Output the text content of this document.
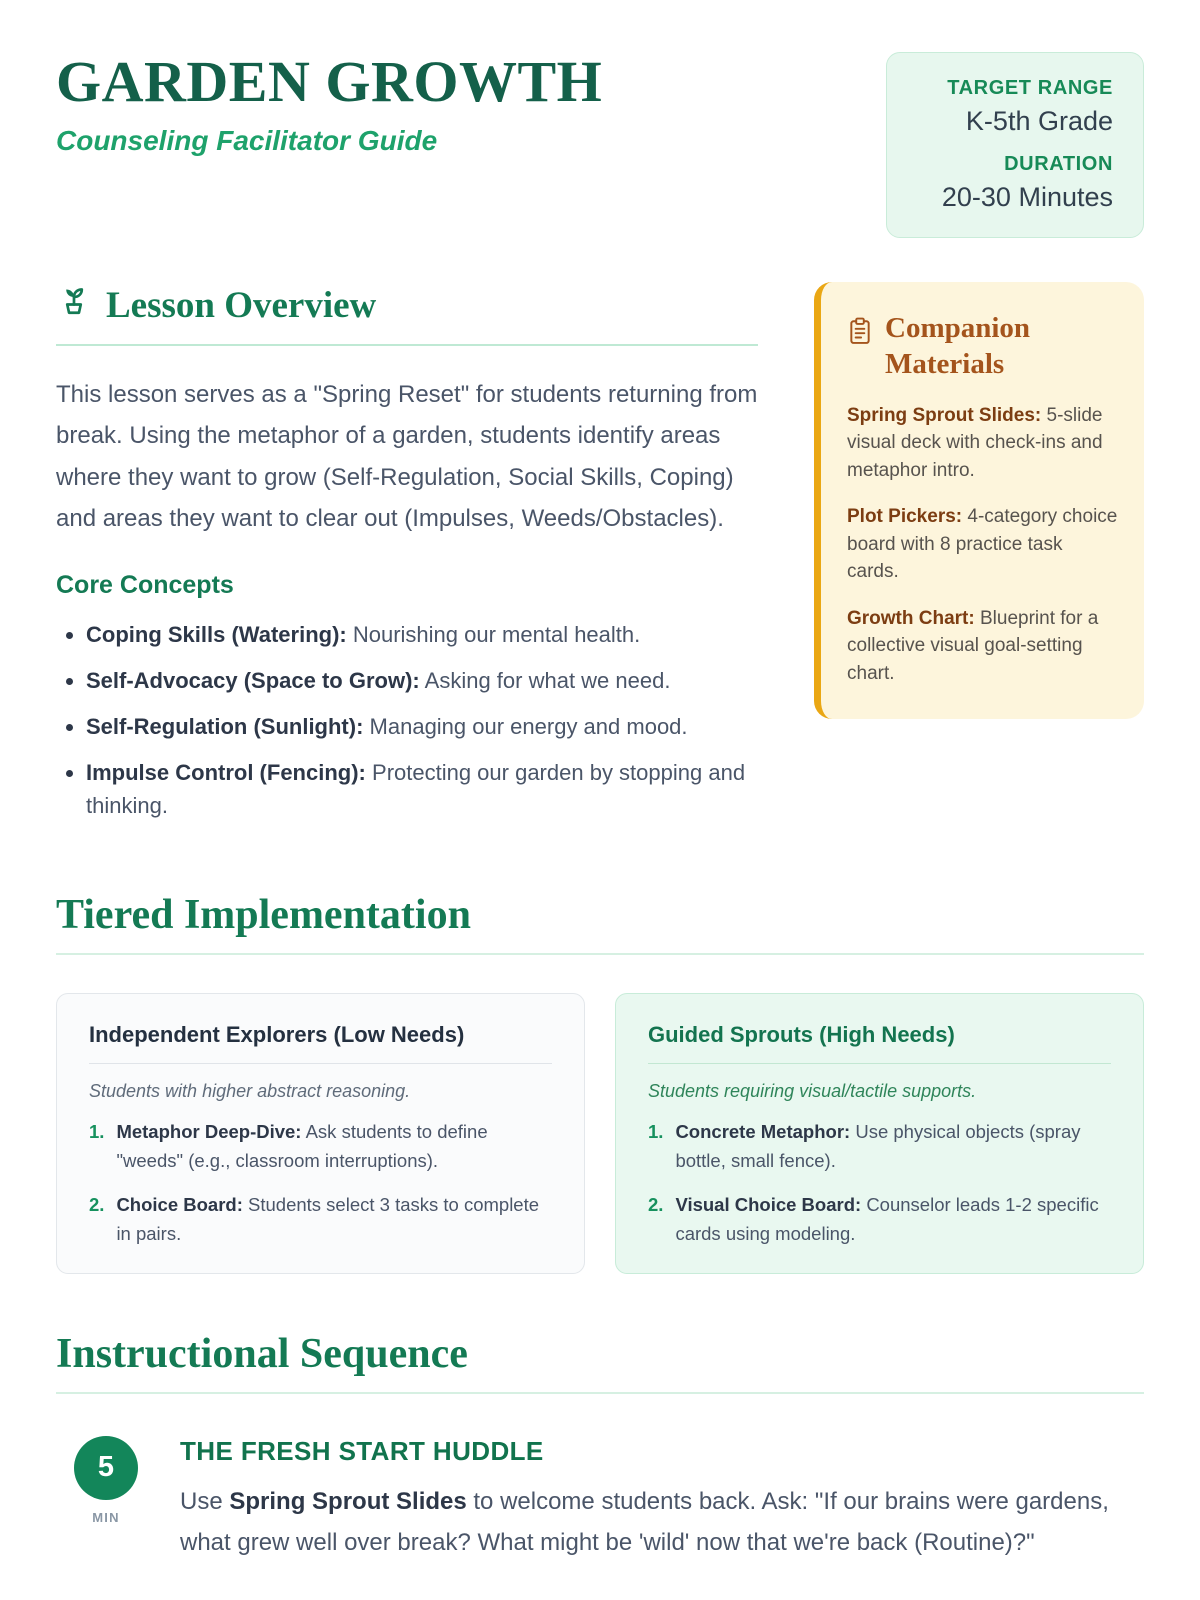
GARDEN GROWTH
Counseling Facilitator Guide
TARGET RANGE
K-5th Grade
DURATION
20-30 Minutes
Lesson Overview

This lesson serves as a "Spring Reset" for students returning from break. Using the metaphor of a garden, students identify areas where they want to grow (Self-Regulation, Social Skills, Coping) and areas they want to clear out (Impulses, Weeds/Obstacles).

Core Concepts
• Coping Skills (Watering): Nourishing our mental health.
• Self-Advocacy (Space to Grow): Asking for what we need.
• Self-Regulation (Sunlight): Managing our energy and mood.
• Impulse Control (Fencing): Protecting our garden by stopping and thinking.
Companion Materials

Spring Sprout Slides: 5-slide visual deck with check-ins and metaphor intro.

Plot Pickers: 4-category choice board with 8 practice task cards.

Growth Chart: Blueprint for a collective visual goal-setting chart.

Tiered Implementation
Independent Explorers (Low Needs)

Students with higher abstract reasoning.

1. Metaphor Deep-Dive: Ask students to define "weeds" (e.g., classroom interruptions).
2. Choice Board: Students select 3 tasks to complete in pairs.
Guided Sprouts (High Needs)

Students requiring visual/tactile supports.

1. Concrete Metaphor: Use physical objects (spray bottle, small fence).
2. Visual Choice Board: Counselor leads 1-2 specific cards using modeling.
Instructional Sequence
5
MIN
THE FRESH START HUDDLE

Use Spring Sprout Slides to welcome students back. Ask: "If our brains were gardens, what grew well over break? What might be 'wild' now that we're back (Routine)?"
